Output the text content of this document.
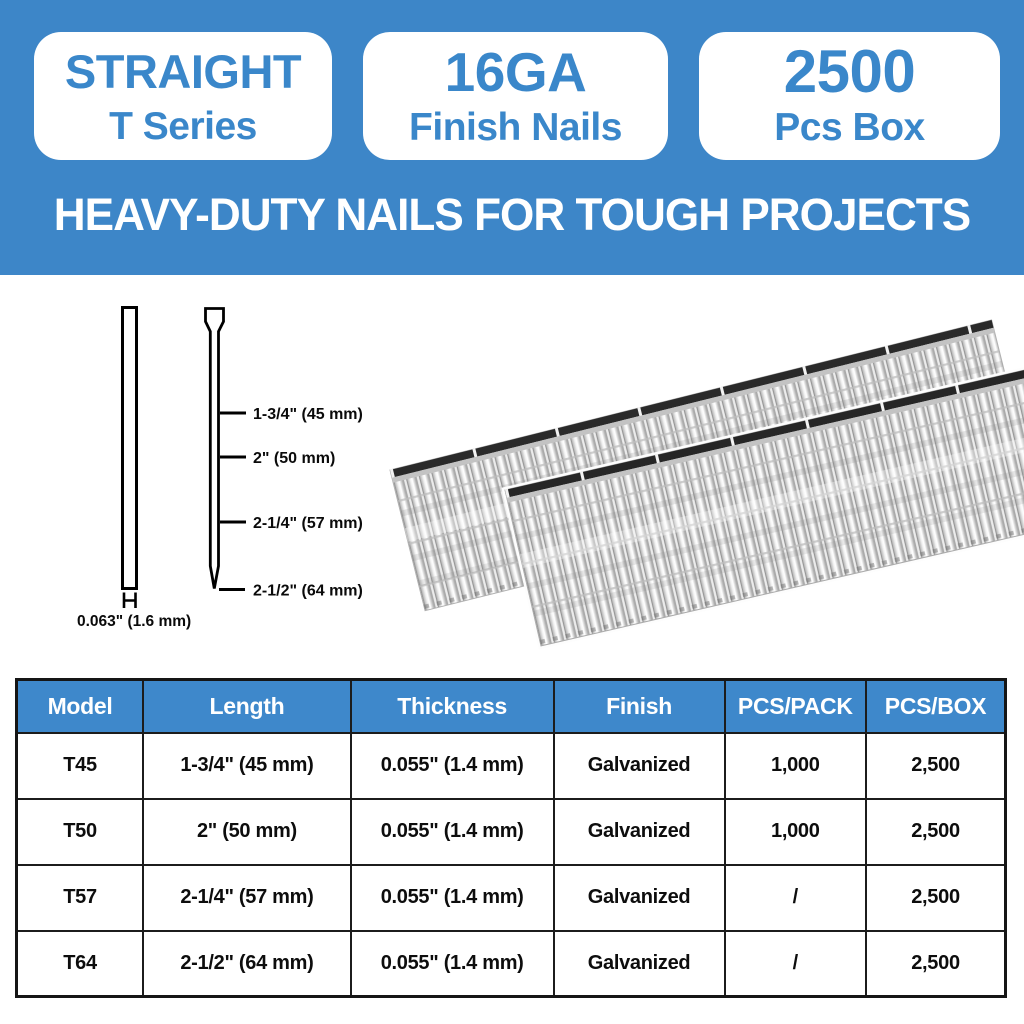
STRAIGHT
T Series
16GA
Finish Nails
2500
Pcs Box
HEAVY-DUTY NAILS FOR TOUGH PROJECTS
0.063" (1.6 mm)
1-3/4" (45 mm)
2" (50 mm)
2-1/4" (57 mm)
2-1/2" (64 mm)
Model	Length	Thickness	Finish	PCS/PACK	PCS/BOX
T45	1-3/4" (45 mm)	0.055" (1.4 mm)	Galvanized	1,000	2,500
T50	2" (50 mm)	0.055" (1.4 mm)	Galvanized	1,000	2,500
T57	2-1/4" (57 mm)	0.055" (1.4 mm)	Galvanized	/	2,500
T64	2-1/2" (64 mm)	0.055" (1.4 mm)	Galvanized	/	2,500
